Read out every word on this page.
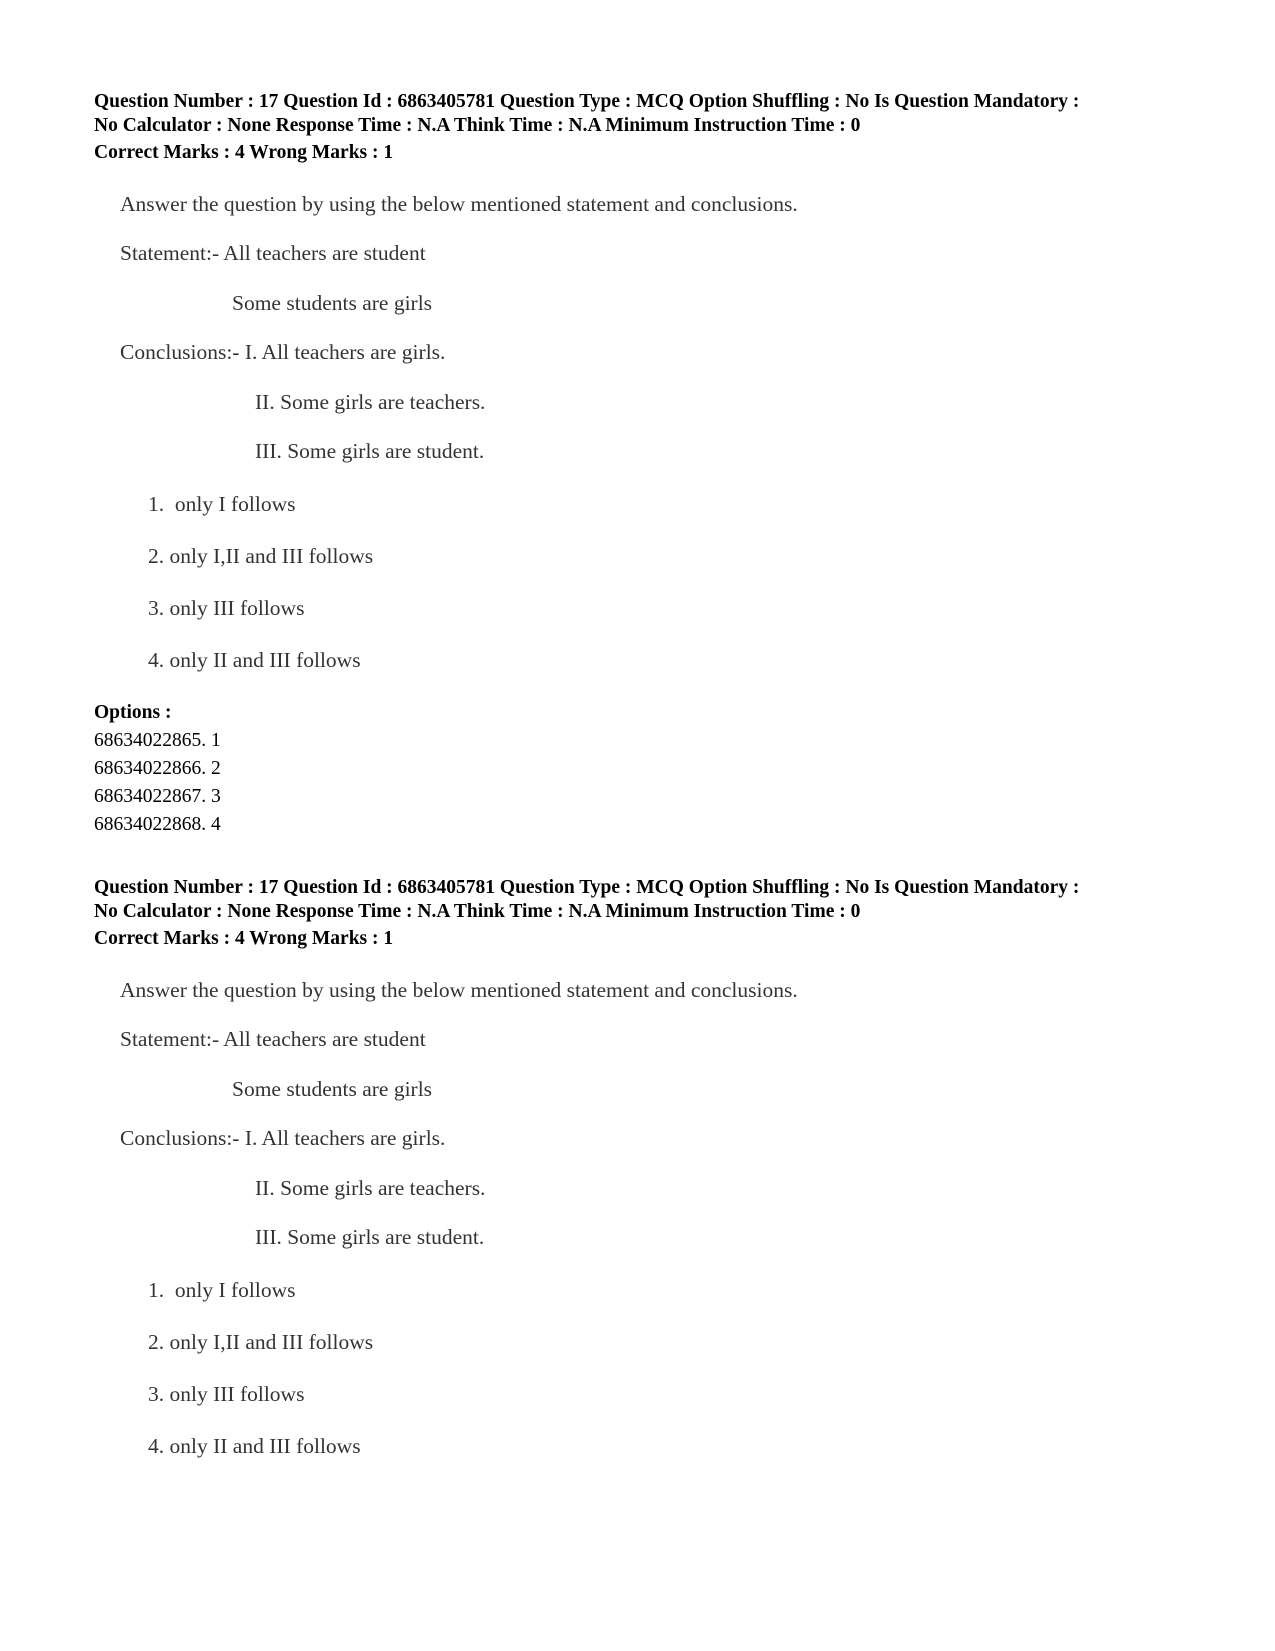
Question Number : 17 Question Id : 6863405781 Question Type : MCQ Option Shuffling : No Is Question Mandatory :
No Calculator : None Response Time : N.A Think Time : N.A Minimum Instruction Time : 0
Correct Marks : 4 Wrong Marks : 1
Answer the question by using the below mentioned statement and conclusions.
Statement:- All teachers are student
Some students are girls
Conclusions:- I. All teachers are girls.
II. Some girls are teachers.
III. Some girls are student.
1.  only I follows
2. only I,II and III follows
3. only III follows
4. only II and III follows
Options :
68634022865. 1
68634022866. 2
68634022867. 3
68634022868. 4
Question Number : 17 Question Id : 6863405781 Question Type : MCQ Option Shuffling : No Is Question Mandatory :
No Calculator : None Response Time : N.A Think Time : N.A Minimum Instruction Time : 0
Correct Marks : 4 Wrong Marks : 1
Answer the question by using the below mentioned statement and conclusions.
Statement:- All teachers are student
Some students are girls
Conclusions:- I. All teachers are girls.
II. Some girls are teachers.
III. Some girls are student.
1.  only I follows
2. only I,II and III follows
3. only III follows
4. only II and III follows
